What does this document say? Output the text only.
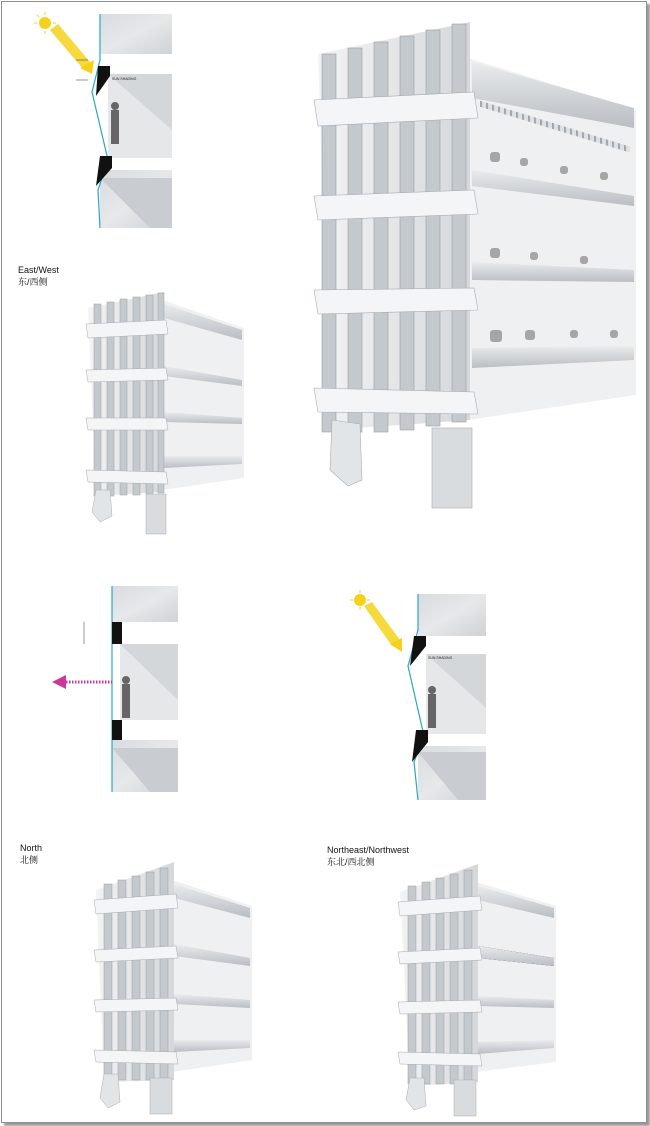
East/West
东/西侧
North
北侧
Northeast/Northwest
东北/西北侧
SUN SHADING
SUN SHADING
